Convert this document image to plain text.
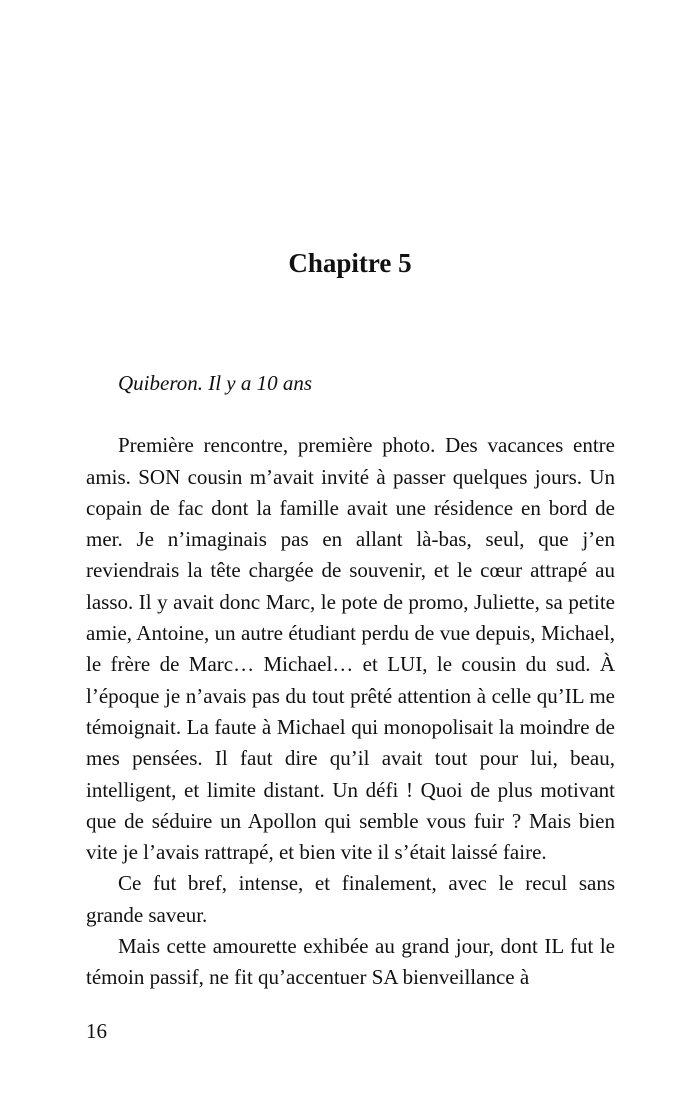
Chapitre 5

Quiberon. Il y a 10 ans

Première rencontre, première photo. Des vacances entre amis. SON cousin m’avait invité à passer quelques jours. Un copain de fac dont la famille avait une résidence en bord de mer. Je n’imaginais pas en allant là-bas, seul, que j’en reviendrais la tête chargée de souvenir, et le cœur attrapé au lasso. Il y avait donc Marc, le pote de promo, Juliette, sa petite amie, Antoine, un autre étudiant perdu de vue depuis, Michael, le frère de Marc… Michael… et LUI, le cousin du sud. À l’époque je n’avais pas du tout prêté attention à celle qu’IL me témoignait. La faute à Michael qui monopolisait la moindre de mes pensées. Il faut dire qu’il avait tout pour lui, beau, intelligent, et limite distant. Un défi ! Quoi de plus motivant que de séduire un Apollon qui semble vous fuir ? Mais bien vite je l’avais rattrapé, et bien vite il s’était laissé faire.

Ce fut bref, intense, et finalement, avec le recul sans grande saveur.

Mais cette amourette exhibée au grand jour, dont IL fut le témoin passif, ne fit qu’accentuer SA bienveillance à

16
